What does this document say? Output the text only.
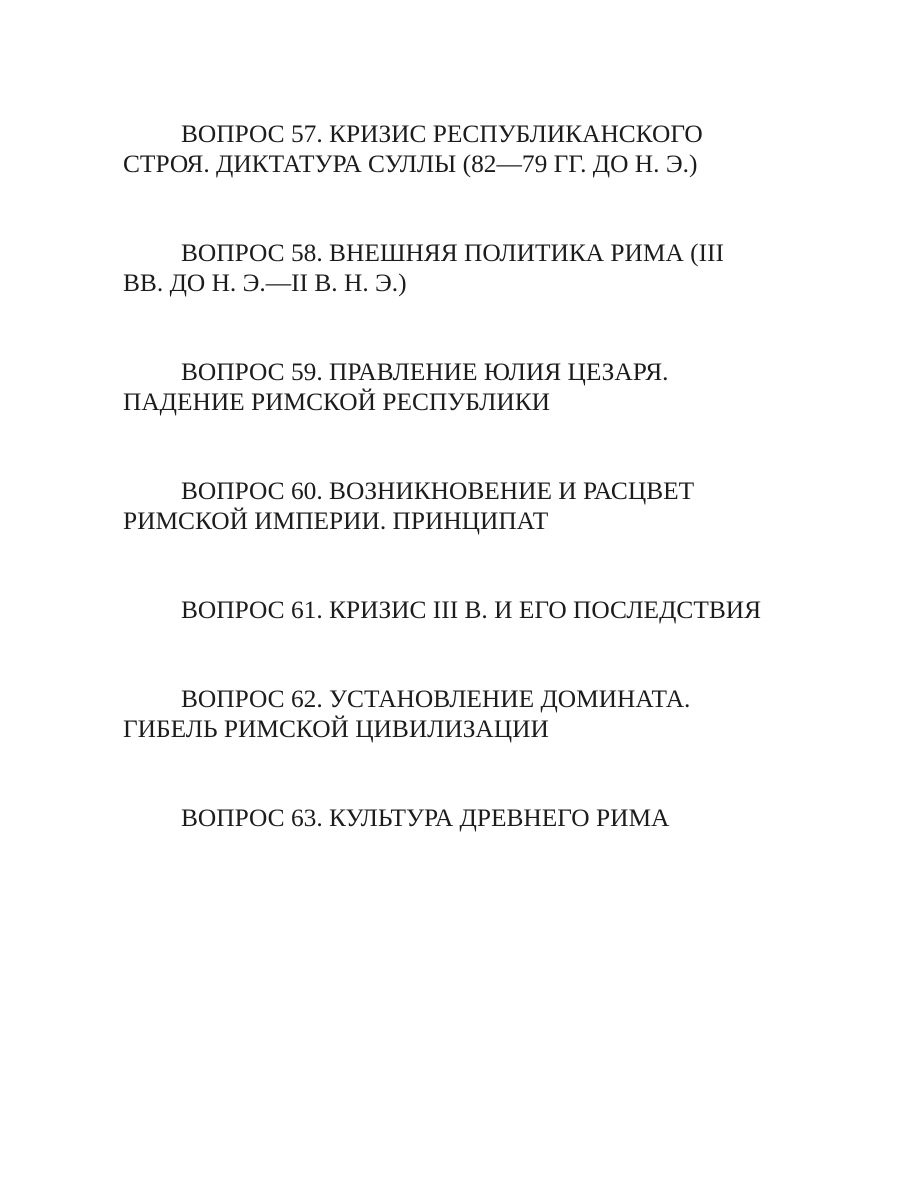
ВОПРОС 57. КРИЗИС РЕСПУБЛИКАНСКОГО
СТРОЯ. ДИКТАТУРА СУЛЛЫ (82—79 ГГ. ДО Н. Э.)
ВОПРОС 58. ВНЕШНЯЯ ПОЛИТИКА РИМА (III
ВВ. ДО Н. Э.—II В. Н. Э.)
ВОПРОС 59. ПРАВЛЕНИЕ ЮЛИЯ ЦЕЗАРЯ.
ПАДЕНИЕ РИМСКОЙ РЕСПУБЛИКИ
ВОПРОС 60. ВОЗНИКНОВЕНИЕ И РАСЦВЕТ
РИМСКОЙ ИМПЕРИИ. ПРИНЦИПАТ
ВОПРОС 61. КРИЗИС III В. И ЕГО ПОСЛЕДСТВИЯ
ВОПРОС 62. УСТАНОВЛЕНИЕ ДОМИНАТА.
ГИБЕЛЬ РИМСКОЙ ЦИВИЛИЗАЦИИ
ВОПРОС 63. КУЛЬТУРА ДРЕВНЕГО РИМА
